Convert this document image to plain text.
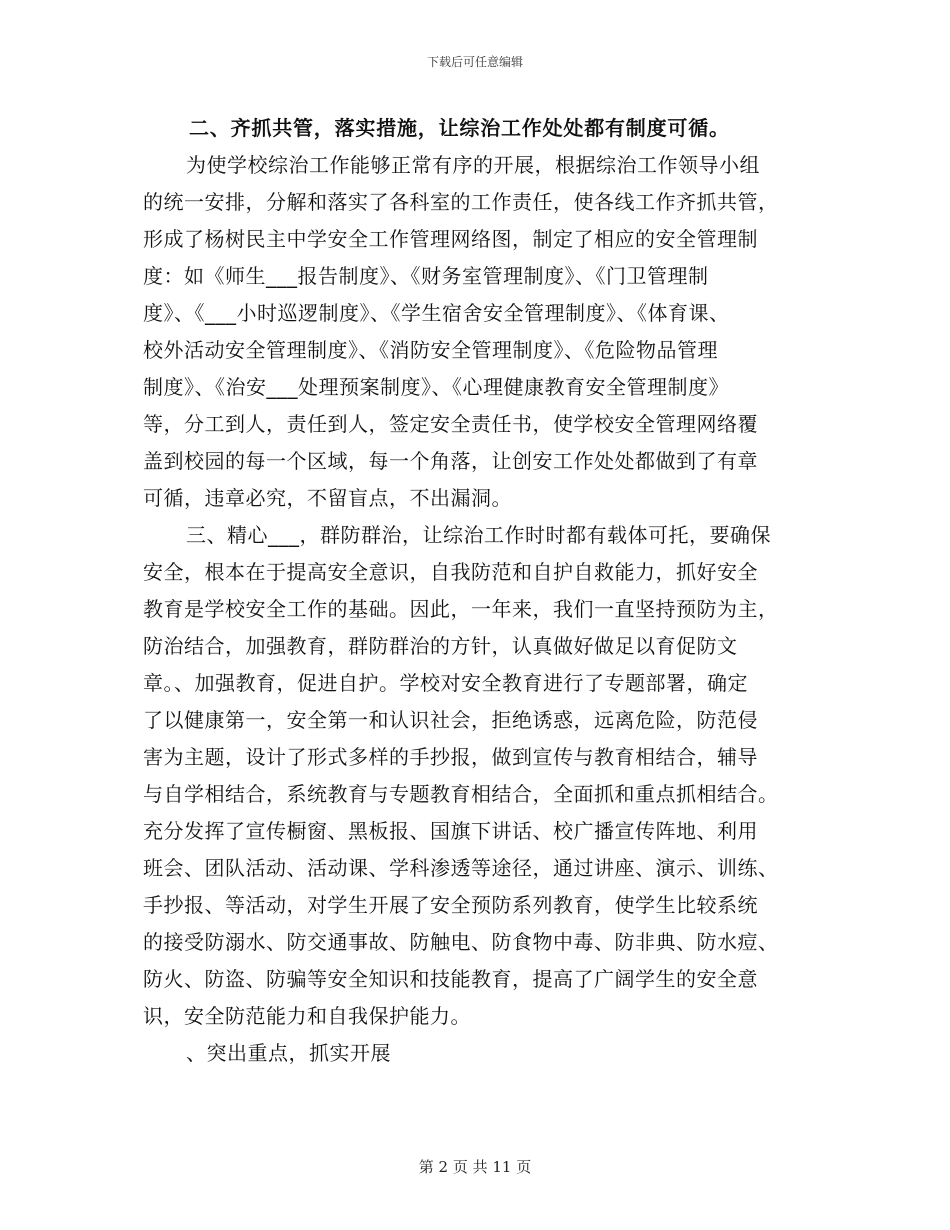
下载后可任意编辑
二、齐抓共管，落实措施，让综治工作处处都有制度可循。
为使学校综治工作能够正常有序的开展，根据综治工作领导小组
的统一安排，分解和落实了各科室的工作责任，使各线工作齐抓共管，
形成了杨树民主中学安全工作管理网络图，制定了相应的安全管理制
度：如《师生___报告制度》、《财务室管理制度》、《门卫管理制
度》、《___小时巡逻制度》、《学生宿舍安全管理制度》、《体育课、
校外活动安全管理制度》、《消防安全管理制度》、《危险物品管理
制度》、《治安___处理预案制度》、《心理健康教育安全管理制度》
等，分工到人，责任到人，签定安全责任书，使学校安全管理网络覆
盖到校园的每一个区域，每一个角落，让创安工作处处都做到了有章
可循，违章必究，不留盲点，不出漏洞。
三、精心___，群防群治，让综治工作时时都有载体可托，要确保
安全，根本在于提高安全意识，自我防范和自护自救能力，抓好安全
教育是学校安全工作的基础。因此，一年来，我们一直坚持预防为主，
防治结合，加强教育，群防群治的方针，认真做好做足以育促防文
章。、加强教育，促进自护。学校对安全教育进行了专题部署，确定
了以健康第一，安全第一和认识社会，拒绝诱惑，远离危险，防范侵
害为主题，设计了形式多样的手抄报，做到宣传与教育相结合，辅导
与自学相结合，系统教育与专题教育相结合，全面抓和重点抓相结合。
充分发挥了宣传橱窗、黑板报、国旗下讲话、校广播宣传阵地、利用
班会、团队活动、活动课、学科渗透等途径，通过讲座、演示、训练、
手抄报、等活动，对学生开展了安全预防系列教育，使学生比较系统
的接受防溺水、防交通事故、防触电、防食物中毒、防非典、防水痘、
防火、防盗、防骗等安全知识和技能教育，提高了广阔学生的安全意
识，安全防范能力和自我保护能力。
、突出重点，抓实开展
第 2 页 共 11 页
